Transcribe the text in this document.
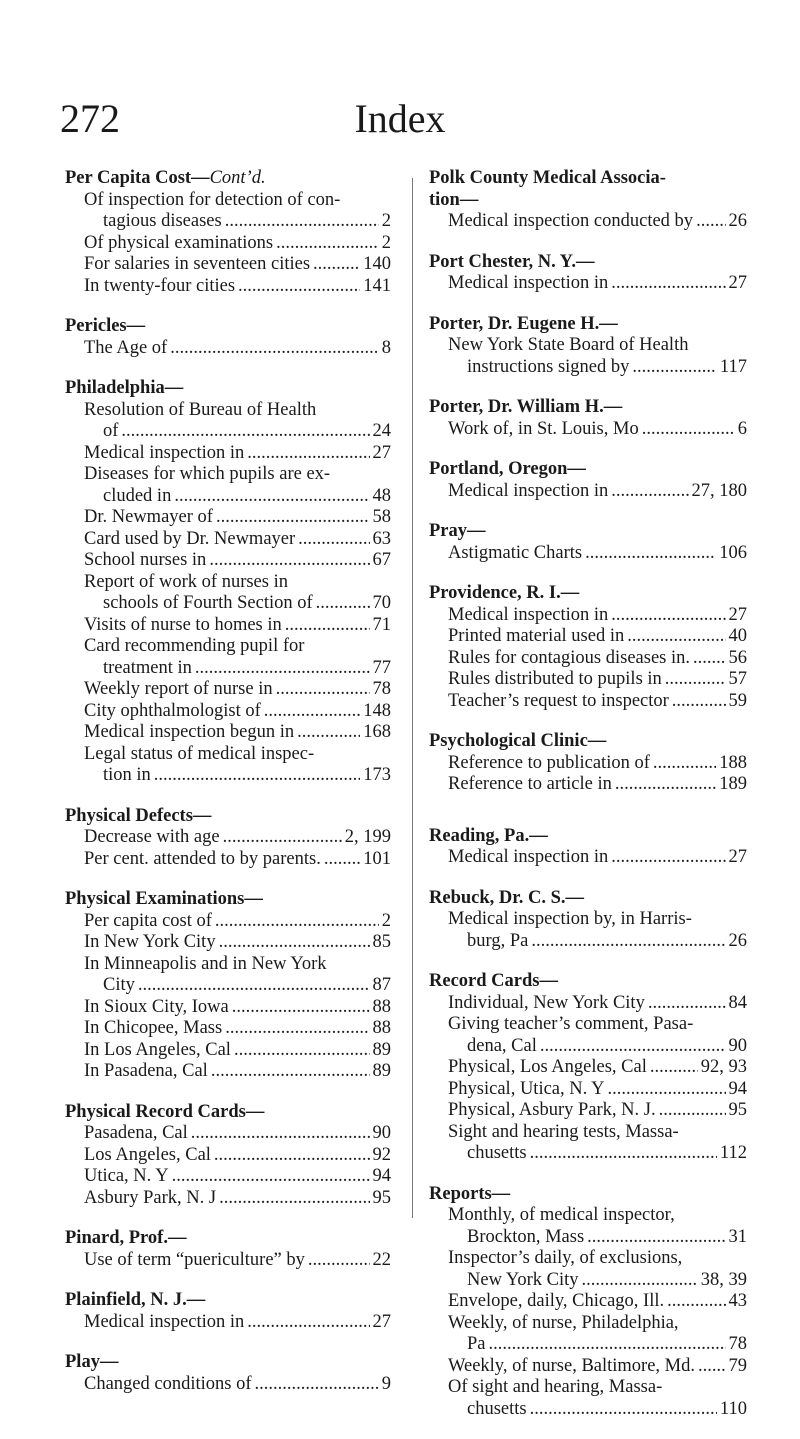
272	Index
Per Capita Cost—Cont’d.
Of inspection for detection of con-
tagious diseases .....	2
Of physical examinations .....	2
For salaries in seventeen cities .....	140
In twenty-four cities .....	141
Pericles—
The Age of .....	8
Philadelphia—
Resolution of Bureau of Health
of .....	24
Medical inspection in .....	27
Diseases for which pupils are ex-
cluded in .....	48
Dr. Newmayer of .....	58
Card used by Dr. Newmayer .....	63
School nurses in .....	67
Report of work of nurses in
schools of Fourth Section of .....	70
Visits of nurse to homes in .....	71
Card recommending pupil for
treatment in .....	77
Weekly report of nurse in .....	78
City ophthalmologist of .....	148
Medical inspection begun in .....	168
Legal status of medical inspec-
tion in .....	173
Physical Defects—
Decrease with age .....	2, 199
Per cent. attended to by parents. ..... 101
Physical Examinations—
Per capita cost of .....	2
In New York City .....	85
In Minneapolis and in New York
City .....	87
In Sioux City, Iowa .....	88
In Chicopee, Mass .....	88
In Los Angeles, Cal .....	89
In Pasadena, Cal .....	89
Physical Record Cards—
Pasadena, Cal .....	90
Los Angeles, Cal .....	92
Utica, N. Y .....	94
Asbury Park, N. J .....	95
Pinard, Prof.—
Use of term “puericulture” by .....	22
Plainfield, N. J.—
Medical inspection in .....	27
Play—
Changed conditions of .....	9
Polk County Medical Associa-
tion—
Medical inspection conducted by ..... 26
Port Chester, N. Y.—
Medical inspection in .....	27
Porter, Dr. Eugene H.—
New York State Board of Health
instructions signed by .....	117
Porter, Dr. William H.—
Work of, in St. Louis, Mo .....	6
Portland, Oregon—
Medical inspection in .....	27, 180
Pray—
Astigmatic Charts .....	106
Providence, R. I.—
Medical inspection in .....	27
Printed material used in .....	40
Rules for contagious diseases in. ..... 56
Rules distributed to pupils in .....	57
Teacher’s request to inspector .....	59
Psychological Clinic—
Reference to publication of .....	188
Reference to article in .....	189
Reading, Pa.—
Medical inspection in .....	27
Rebuck, Dr. C. S.—
Medical inspection by, in Harris-
burg, Pa .....	26
Record Cards—
Individual, New York City .....	84
Giving teacher’s comment, Pasa-
dena, Cal .....	90
Physical, Los Angeles, Cal .....	92, 93
Physical, Utica, N. Y .....	94
Physical, Asbury Park, N. J. .....	95
Sight and hearing tests, Massa-
chusetts .....	112
Reports—
Monthly, of medical inspector,
Brockton, Mass .....	31
Inspector’s daily, of exclusions,
New York City .....	38, 39
Envelope, daily, Chicago, Ill. .....	43
Weekly, of nurse, Philadelphia,
Pa .....	78
Weekly, of nurse, Baltimore, Md. ..... 79
Of sight and hearing, Massa-
chusetts .....	110
